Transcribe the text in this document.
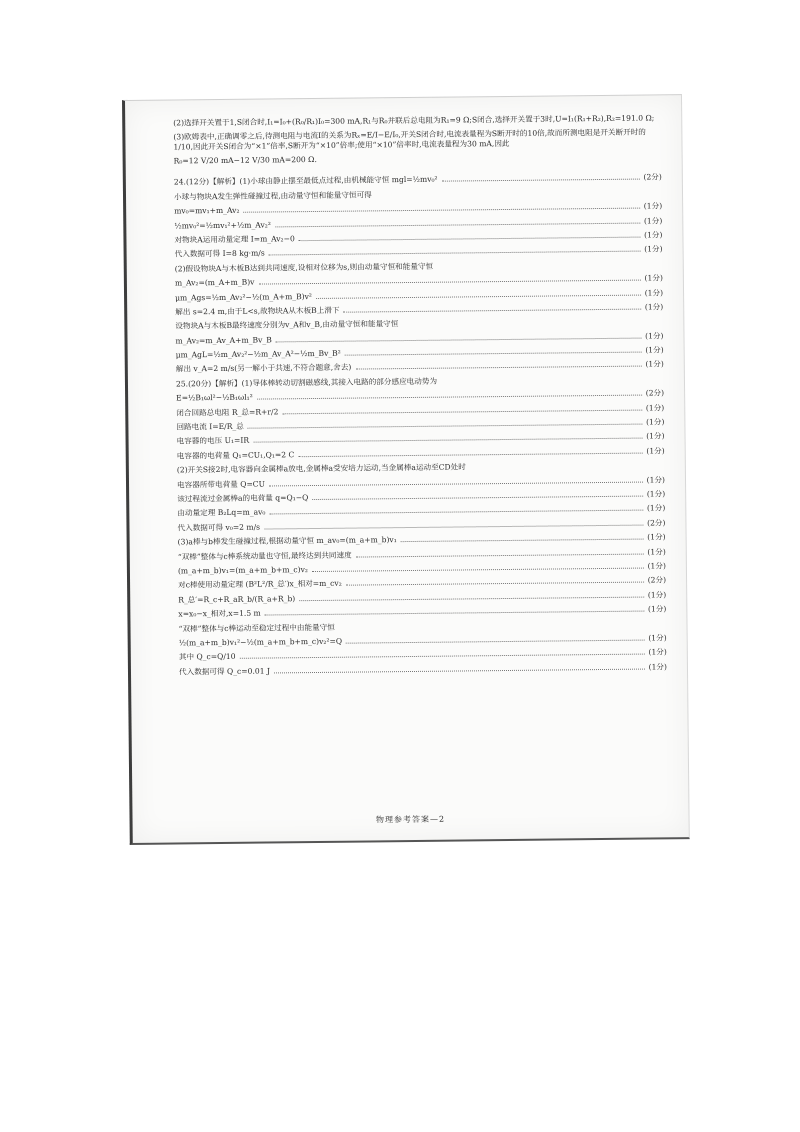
(2)选择开关置于1,S闭合时,I₁=I₀+(R₀/R₁)I₀=300 mA,R₁与R₀并联后总电阻为R₁=9 Ω;S闭合,选择开关置于3时,U=I₁(R₁+R₂),R₂=191.0 Ω;

(3)欧姆表中,正确调零之后,待测电阻与电流I的关系为Rₓ=E/I−E/I₀,开关S闭合时,电流表量程为S断开时的10倍,故而所测电阻是开关断开时的1/10,因此开关S闭合为“×1”倍率,S断开为“×10”倍率;使用“×10”倍率时,电流表量程为30 mA,因此

R₀=12 V/20 mA−12 V/30 mA=200 Ω.

24.(12分)【解析】(1)小球由静止摆至最低点过程,由机械能守恒 mgl=½mv₀²	(2分)
小球与物块A发生弹性碰撞过程,由动量守恒和能量守恒可得
mv₀=mv₁+m_Av₂	(1分)
½mv₀²=½mv₁²+½m_Av₂²	(1分)
对物块A运用动量定理 I=m_Av₂−0	(1分)
代入数据可得 I=8 kg·m/s	(1分)
(2)假设物块A与木板B达到共同速度,设相对位移为s,则由动量守恒和能量守恒
m_Av₂=(m_A+m_B)v	(1分)
μm_Ags=½m_Av₂²−½(m_A+m_B)v²	(1分)
解出 s=2.4 m,由于L<s,故物块A从木板B上滑下	(1分)
设物块A与木板B最终速度分别为v_A和v_B,由动量守恒和能量守恒
m_Av₂=m_Av_A+m_Bv_B	(1分)
μm_AgL=½m_Av₂²−½m_Av_A²−½m_Bv_B²	(1分)
解出 v_A=2 m/s(另一解小于共速,不符合题意,舍去)	(1分)
25.(20分)【解析】(1)导体棒转动切割磁感线,其接入电路的部分感应电动势为
E=½B₁ωl²−½B₁ωl₁²	(2分)
闭合回路总电阻 R_总=R+r/2	(1分)
回路电流 I=E/R_总	(1分)
电容器的电压 U₁=IR	(1分)
电容器的电荷量 Q₁=CU₁,Q₁=2 C	(1分)
(2)开关S接2时,电容器向金属棒a放电,金属棒a受安培力运动,当金属棒a运动至CD处时
电容器所带电荷量 Q=CU	(1分)
该过程流过金属棒a的电荷量 q=Q₁−Q	(1分)
由动量定理 B₂Lq=m_av₀	(1分)
代入数据可得 v₀=2 m/s	(2分)
(3)a棒与b棒发生碰撞过程,根据动量守恒 m_av₀=(m_a+m_b)v₁	(1分)
“双棒”整体与c棒系统动量也守恒,最终达到共同速度	(1分)
(m_a+m_b)v₁=(m_a+m_b+m_c)v₂	(1分)
对c棒使用动量定理 (B²L²/R_总′)x_相对=m_cv₂	(2分)
R_总′=R_c+R_aR_b/(R_a+R_b)	(1分)
x=x₀−x_相对,x=1.5 m	(1分)
“双棒”整体与c棒运动至稳定过程中由能量守恒
½(m_a+m_b)v₁²−½(m_a+m_b+m_c)v₂²=Q	(1分)
其中 Q_c=Q/10	(1分)
代入数据可得 Q_c=0.01 J	(1分)
物理参考答案—2
